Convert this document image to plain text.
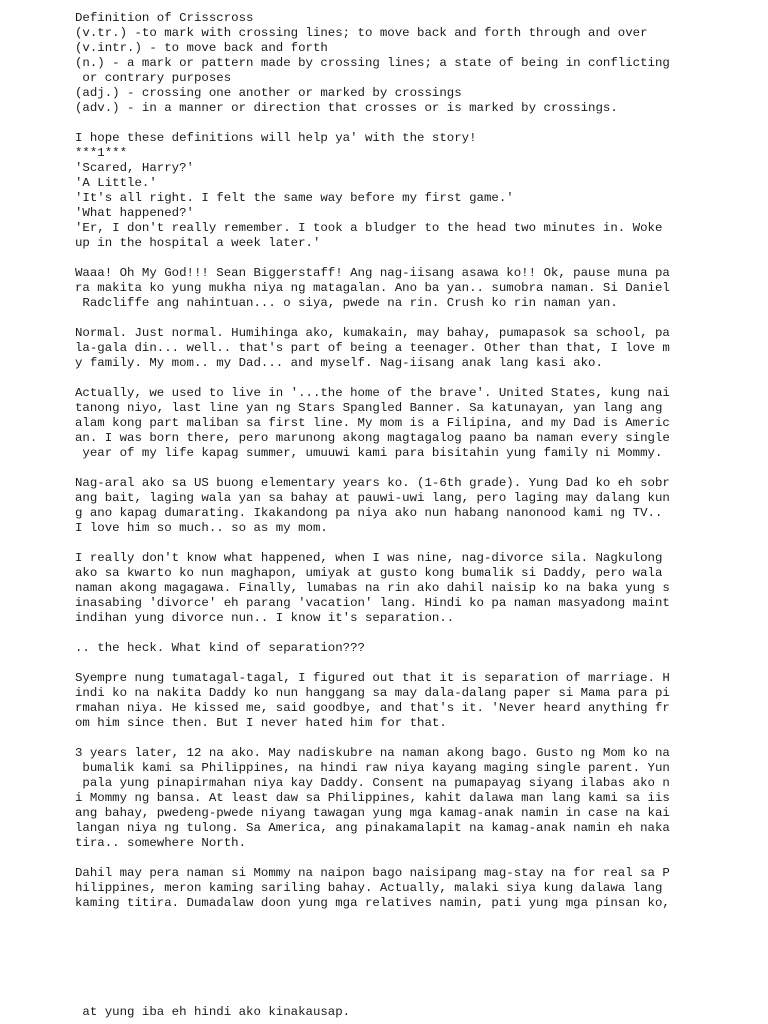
Definition of Crisscross
(v.tr.) -to mark with crossing lines; to move back and forth through and over
(v.intr.) - to move back and forth
(n.) - a mark or pattern made by crossing lines; a state of being in conflicting
or contrary purposes
(adj.) - crossing one another or marked by crossings
(adv.) - in a manner or direction that crosses or is marked by crossings.
I hope these definitions will help ya' with the story!
***1***
'Scared, Harry?'
'A Little.'
'It's all right. I felt the same way before my first game.'
'What happened?'
'Er, I don't really remember. I took a bludger to the head two minutes in. Woke
up in the hospital a week later.'
Waaa! Oh My God!!! Sean Biggerstaff! Ang nag-iisang asawa ko!! Ok, pause muna pa
ra makita ko yung mukha niya ng matagalan. Ano ba yan.. sumobra naman. Si Daniel
Radcliffe ang nahintuan... o siya, pwede na rin. Crush ko rin naman yan.
Normal. Just normal. Humihinga ako, kumakain, may bahay, pumapasok sa school, pa
la-gala din... well.. that's part of being a teenager. Other than that, I love m
y family. My mom.. my Dad... and myself. Nag-iisang anak lang kasi ako.
Actually, we used to live in '...the home of the brave'. United States, kung nai
tanong niyo, last line yan ng Stars Spangled Banner. Sa katunayan, yan lang ang
alam kong part maliban sa first line. My mom is a Filipina, and my Dad is Americ
an. I was born there, pero marunong akong magtagalog paano ba naman every single
year of my life kapag summer, umuuwi kami para bisitahin yung family ni Mommy.
Nag-aral ako sa US buong elementary years ko. (1-6th grade). Yung Dad ko eh sobr
ang bait, laging wala yan sa bahay at pauwi-uwi lang, pero laging may dalang kun
g ano kapag dumarating. Ikakandong pa niya ako nun habang nanonood kami ng TV..
I love him so much.. so as my mom.
I really don't know what happened, when I was nine, nag-divorce sila. Nagkulong
ako sa kwarto ko nun maghapon, umiyak at gusto kong bumalik si Daddy, pero wala
naman akong magagawa. Finally, lumabas na rin ako dahil naisip ko na baka yung s
inasabing 'divorce' eh parang 'vacation' lang. Hindi ko pa naman masyadong maint
indihan yung divorce nun.. I know it's separation..
.. the heck. What kind of separation???
Syempre nung tumatagal-tagal, I figured out that it is separation of marriage. H
indi ko na nakita Daddy ko nun hanggang sa may dala-dalang paper si Mama para pi
rmahan niya. He kissed me, said goodbye, and that's it. 'Never heard anything fr
om him since then. But I never hated him for that.
3 years later, 12 na ako. May nadiskubre na naman akong bago. Gusto ng Mom ko na
bumalik kami sa Philippines, na hindi raw niya kayang maging single parent. Yun
pala yung pinapirmahan niya kay Daddy. Consent na pumapayag siyang ilabas ako n
i Mommy ng bansa. At least daw sa Philippines, kahit dalawa man lang kami sa iis
ang bahay, pwedeng-pwede niyang tawagan yung mga kamag-anak namin in case na kai
langan niya ng tulong. Sa America, ang pinakamalapit na kamag-anak namin eh naka
tira.. somewhere North.
Dahil may pera naman si Mommy na naipon bago naisipang mag-stay na for real sa P
hilippines, meron kaming sariling bahay. Actually, malaki siya kung dalawa lang
kaming titira. Dumadalaw doon yung mga relatives namin, pati yung mga pinsan ko,
at yung iba eh hindi ako kinakausap.
